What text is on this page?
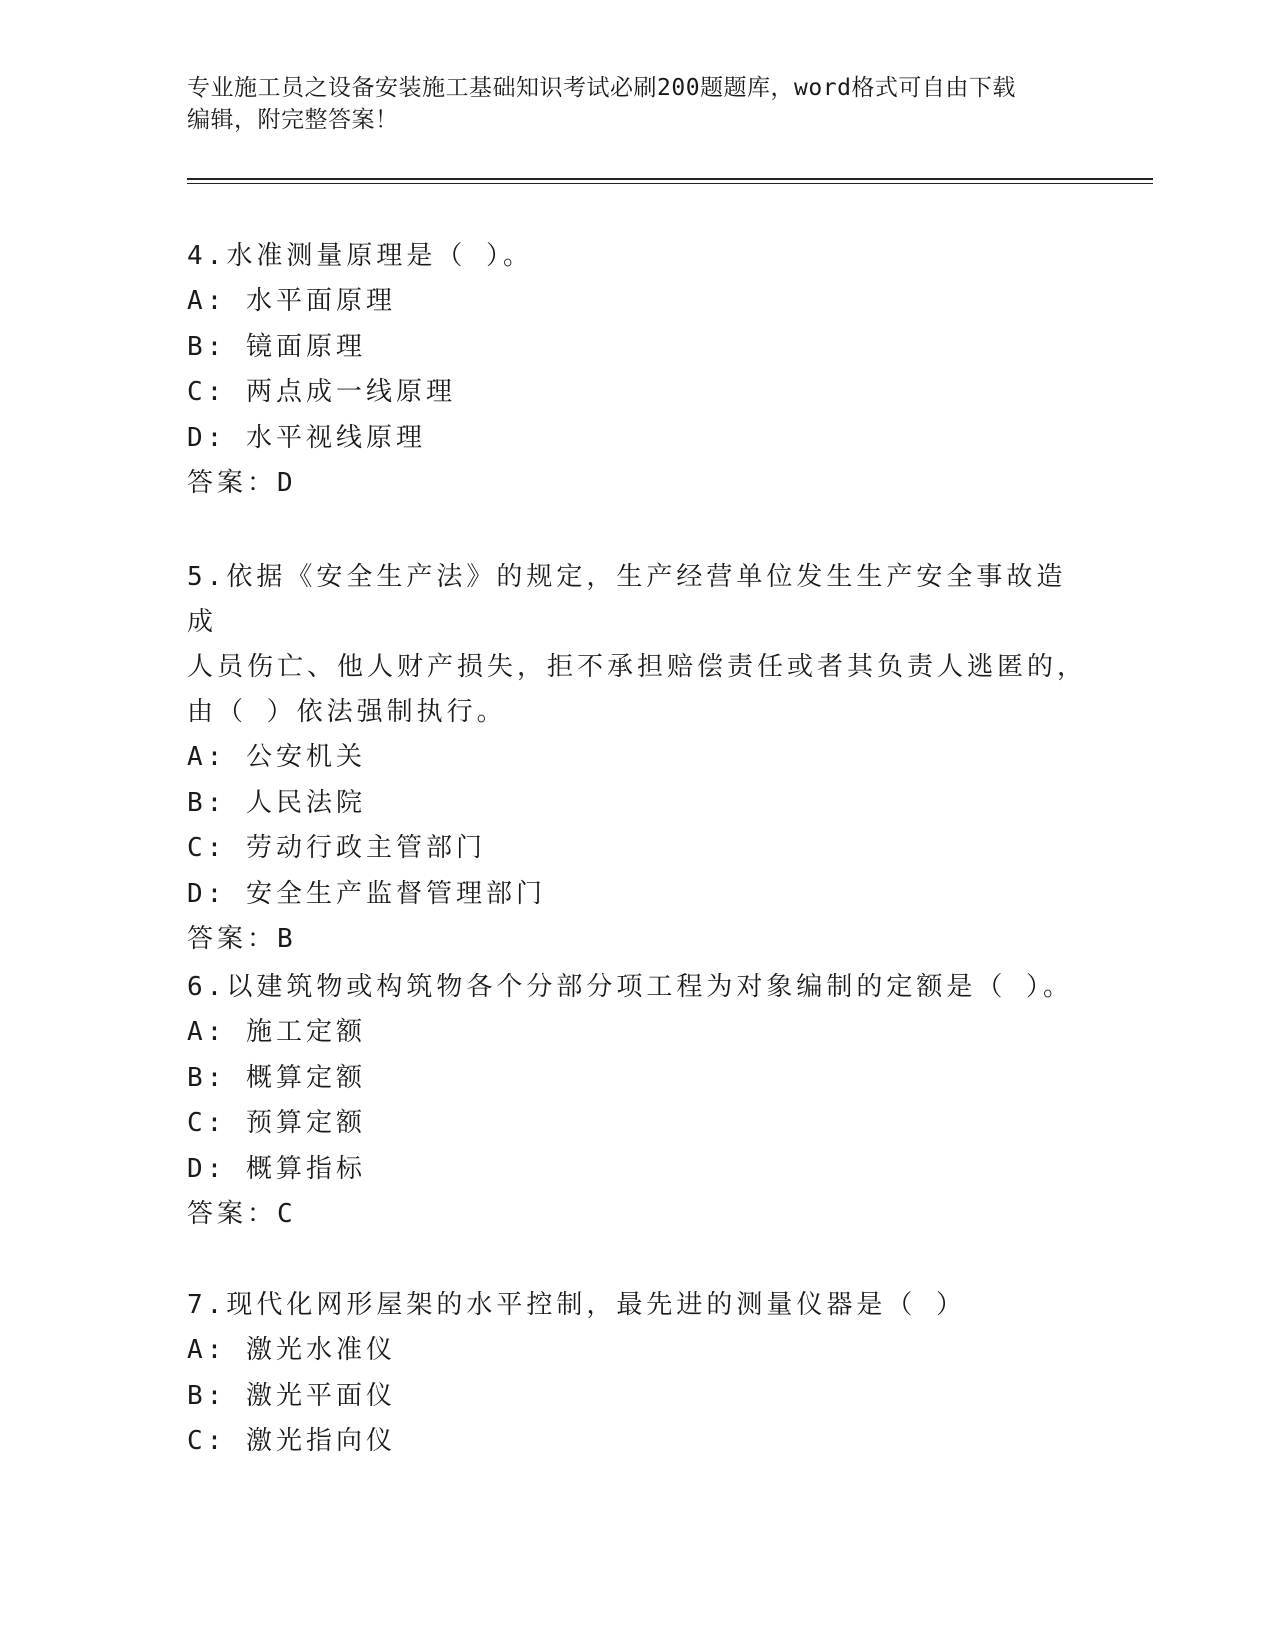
专业施工员之设备安装施工基础知识考试必刷200题题库，word格式可自由下载
编辑，附完整答案！
4.水准测量原理是（ ）。
A: 水平面原理
B: 镜面原理
C: 两点成一线原理
D: 水平视线原理
答案：D
5.依据《安全生产法》的规定，生产经营单位发生生产安全事故造成
人员伤亡、他人财产损失，拒不承担赔偿责任或者其负责人逃匿的，
由（ ）依法强制执行。
A: 公安机关
B: 人民法院
C: 劳动行政主管部门
D: 安全生产监督管理部门
答案：B
6.以建筑物或构筑物各个分部分项工程为对象编制的定额是（ ）。
A: 施工定额
B: 概算定额
C: 预算定额
D: 概算指标
答案：C
7.现代化网形屋架的水平控制，最先进的测量仪器是（ ）
A: 激光水准仪
B: 激光平面仪
C: 激光指向仪
